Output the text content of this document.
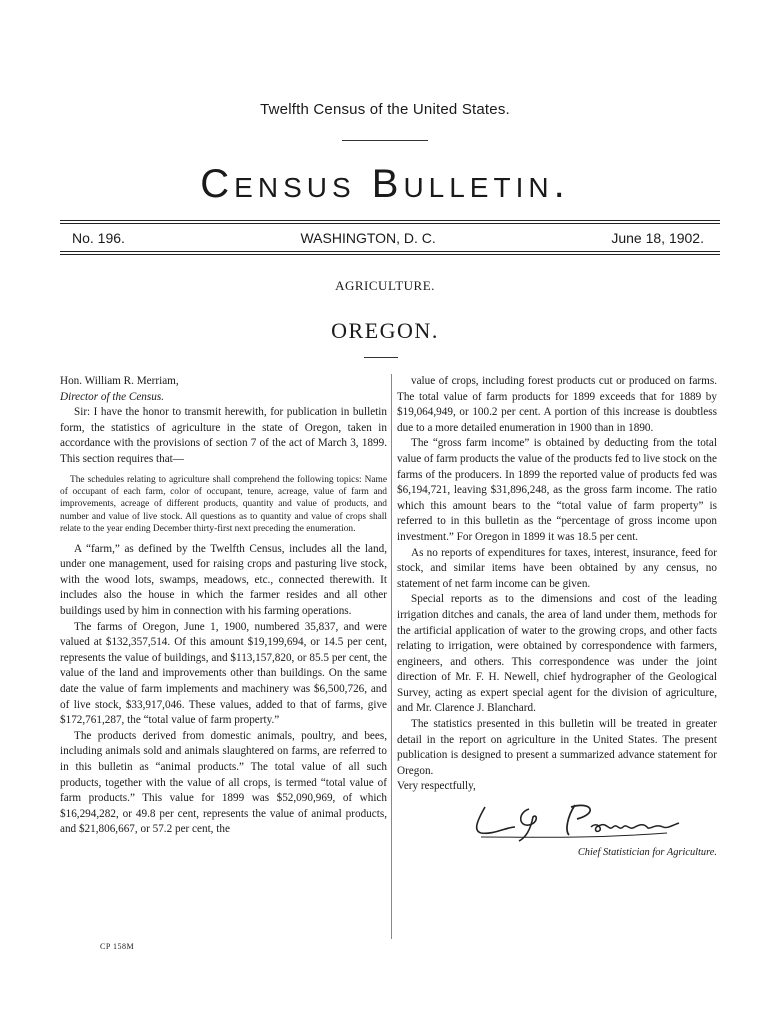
Twelfth Census of the United States.
Census Bulletin.
No. 196.	WASHINGTON, D. C.	June 18, 1902.
AGRICULTURE.
OREGON.

Hon. William R. Merriam,

Director of the Census.

Sir: I have the honor to transmit herewith, for publication in bulletin form, the statistics of agriculture in the state of Oregon, taken in accordance with the provisions of section 7 of the act of March 3, 1899. This section requires that—

The schedules relating to agriculture shall comprehend the following topics: Name of occupant of each farm, color of occupant, tenure, acreage, value of farm and improvements, acreage of different products, quantity and value of products, and number and value of live stock. All questions as to quantity and value of crops shall relate to the year ending December thirty-first next preceding the enumeration.

A “farm,” as defined by the Twelfth Census, includes all the land, under one management, used for raising crops and pasturing live stock, with the wood lots, swamps, meadows, etc., connected therewith. It includes also the house in which the farmer resides and all other buildings used by him in connection with his farming operations.

The farms of Oregon, June 1, 1900, numbered 35,837, and were valued at $132,357,514. Of this amount $19,199,694, or 14.5 per cent, represents the value of buildings, and $113,157,820, or 85.5 per cent, the value of the land and improvements other than buildings. On the same date the value of farm implements and machinery was $6,500,726, and of live stock, $33,917,046. These values, added to that of farms, give $172,761,287, the “total value of farm property.”

The products derived from domestic animals, poultry, and bees, including animals sold and animals slaughtered on farms, are referred to in this bulletin as “animal products.” The total value of all such products, together with the value of all crops, is termed “total value of farm products.” This value for 1899 was $52,090,969, of which $16,294,282, or 49.8 per cent, represents the value of animal products, and $21,806,667, or 57.2 per cent, the

value of crops, including forest products cut or produced on farms. The total value of farm products for 1899 exceeds that for 1889 by $19,064,949, or 100.2 per cent. A portion of this increase is doubtless due to a more detailed enumeration in 1900 than in 1890.

The “gross farm income” is obtained by deducting from the total value of farm products the value of the products fed to live stock on the farms of the producers. In 1899 the reported value of products fed was $6,194,721, leaving $31,896,248, as the gross farm income. The ratio which this amount bears to the “total value of farm property” is referred to in this bulletin as the “percentage of gross income upon investment.” For Oregon in 1899 it was 18.5 per cent.

As no reports of expenditures for taxes, interest, insurance, feed for stock, and similar items have been obtained by any census, no statement of net farm income can be given.

Special reports as to the dimensions and cost of the leading irrigation ditches and canals, the area of land under them, methods for the artificial application of water to the growing crops, and other facts relating to irrigation, were obtained by correspondence with farmers, engineers, and others. This correspondence was under the joint direction of Mr. F. H. Newell, chief hydrographer of the Geological Survey, acting as expert special agent for the division of agriculture, and Mr. Clarence J. Blanchard.

The statistics presented in this bulletin will be treated in greater detail in the report on agriculture in the United States. The present publication is designed to present a summarized advance statement for Oregon.

Very respectfully,

Chief Statistician for Agriculture.

CP 158M
